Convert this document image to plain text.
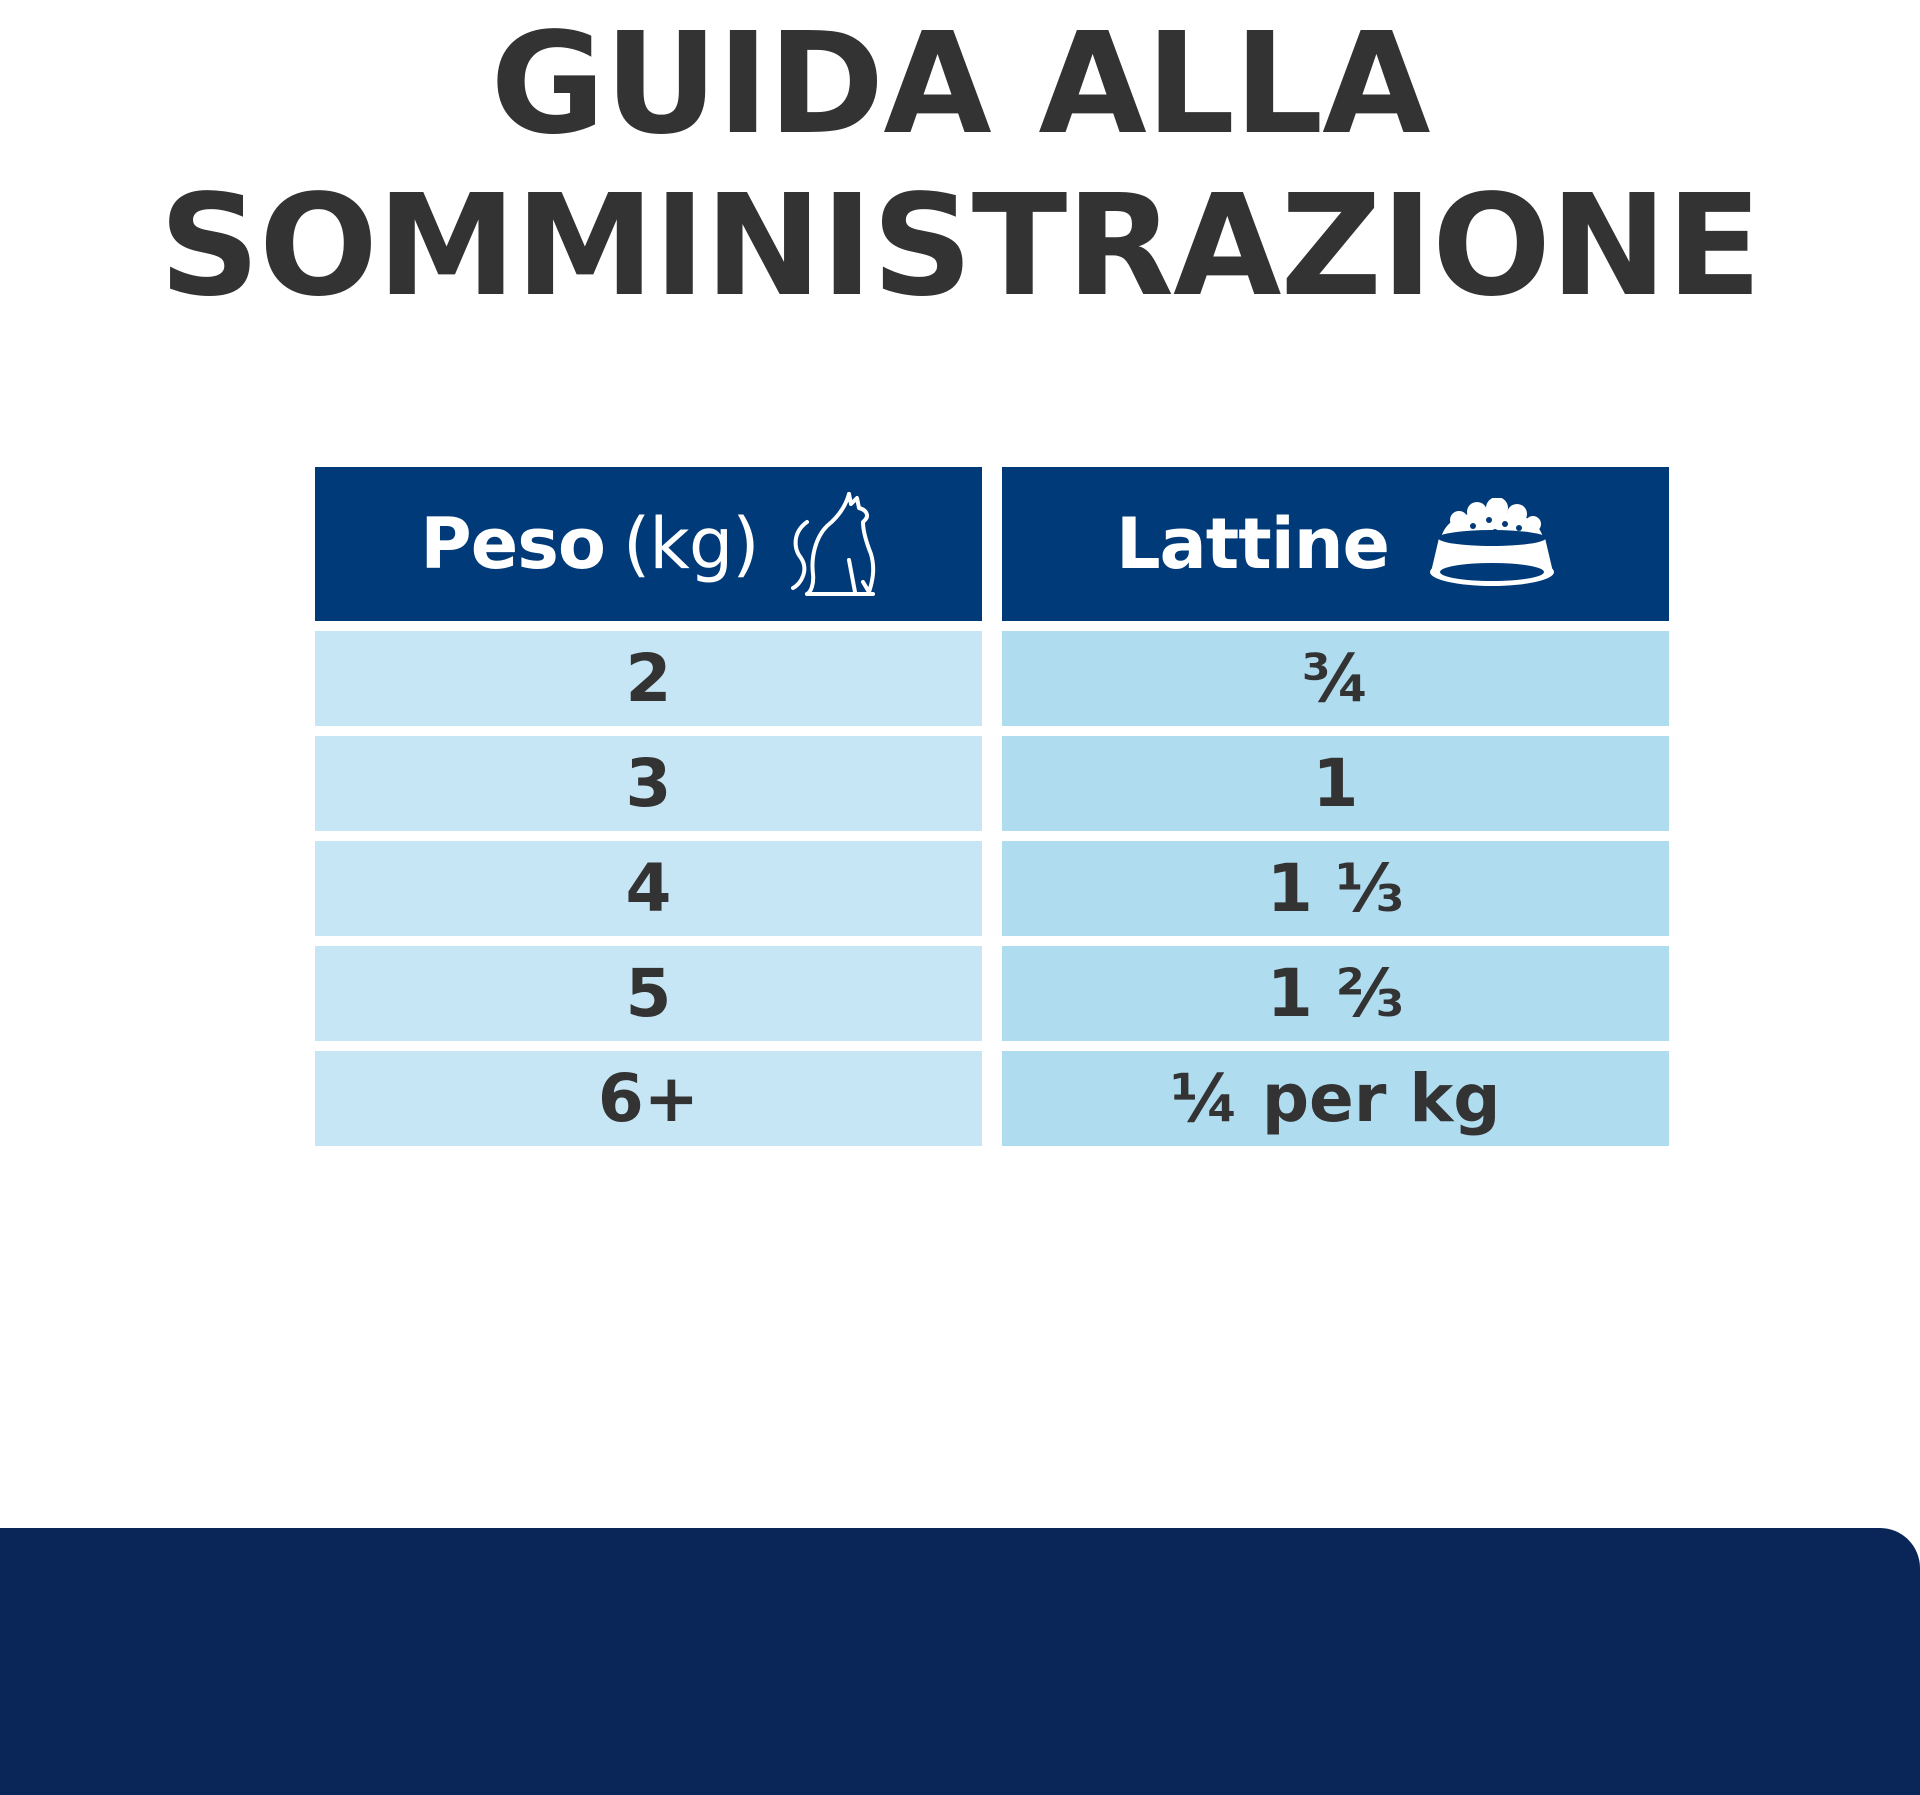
GUIDA ALLA
SOMMINISTRAZIONE
Peso (kg)	Lattine
2	¾
3	1
4	1 ⅓
5	1 ⅔
6+	¼ per kg
